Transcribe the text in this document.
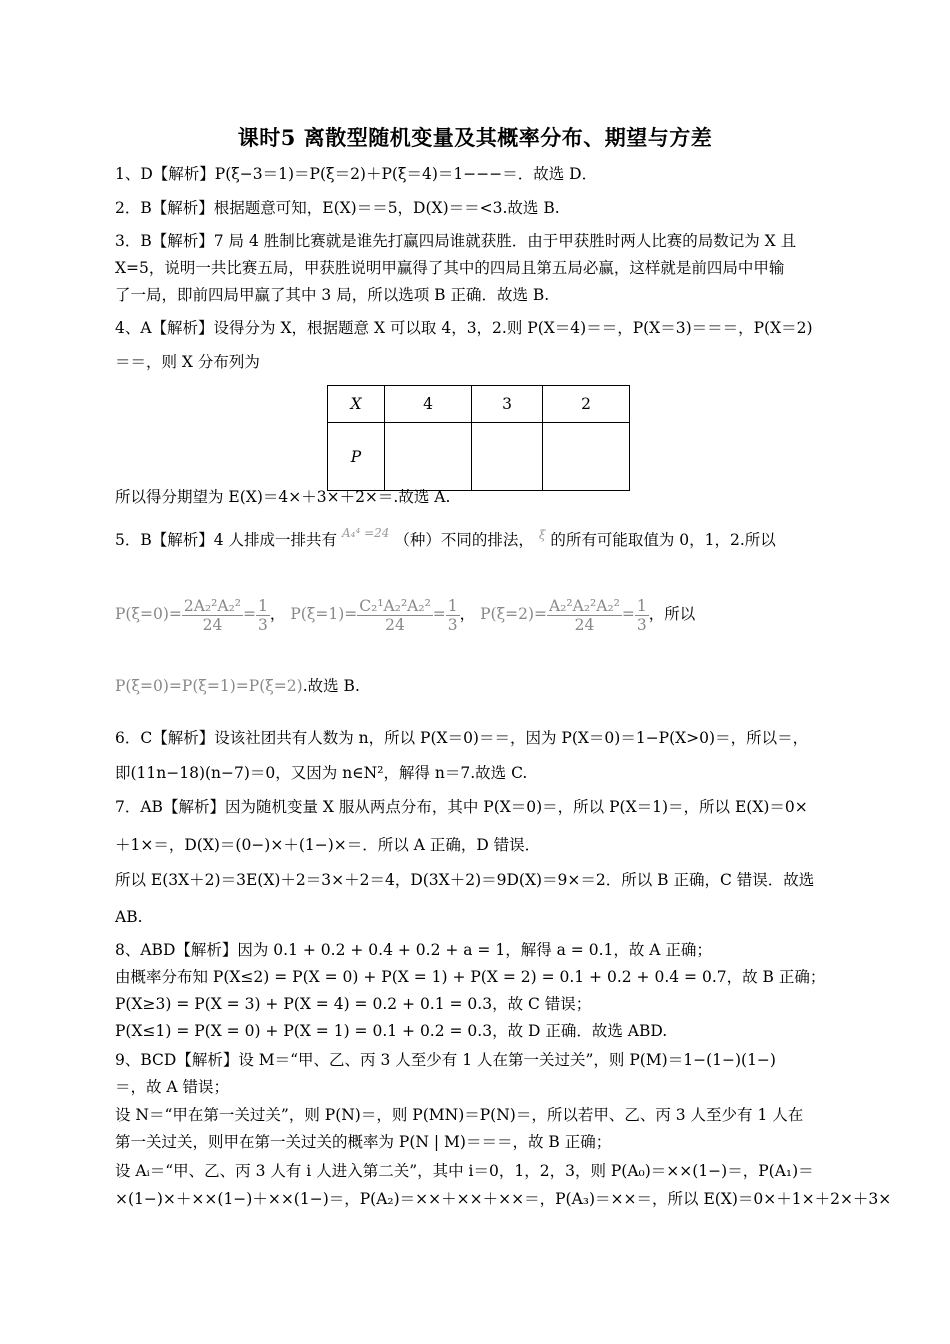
课时5 离散型随机变量及其概率分布、期望与方差
1、D【解析】P(ξ−3＝1)＝P(ξ＝2)＋P(ξ＝4)＝1−−−＝．故选 D．
2．B【解析】根据题意可知，E(X)＝＝5，D(X)＝＝<3.故选 B.
3．B【解析】7 局 4 胜制比赛就是谁先打赢四局谁就获胜．由于甲获胜时两人比赛的局数记为 X 且
X=5，说明一共比赛五局，甲获胜说明甲赢得了其中的四局且第五局必赢，这样就是前四局中甲输
了一局，即前四局甲赢了其中 3 局，所以选项 B 正确．故选 B.
4、A【解析】设得分为 X，根据题意 X 可以取 4，3，2.则 P(X＝4)＝＝，P(X＝3)＝＝＝，P(X＝2)
＝＝，则 X 分布列为
X	4	3	2
P			
所以得分期望为 E(X)＝4×＋3×＋2×＝.故选 A.
5．B【解析】4 人排成一排共有 $^{A_4^4 =24}$ （种）不同的排法， $^\xi$ 的所有可能取值为 0，1，2.所以
$P(\xi=0)= \frac{\text{2A₂²A₂²}}{24} = \frac{1}{3}$ ， $P(\xi=1)= \frac{\text{C₂¹A₂²A₂²}}{24} = \frac{1}{3}$ ， $P(\xi=2)= \frac{\text{A₂²A₂²A₂²}}{24} = \frac{1}{3}$ ，所以
P(ξ=0)=P(ξ=1)=P(ξ=2).故选 B.
6．C【解析】设该社团共有人数为 n，所以 P(X＝0)＝＝，因为 P(X＝0)＝1−P(X>0)＝，所以＝，
即(11n−18)(n−7)＝0，又因为 n∈N²，解得 n＝7.故选 C.
7．AB【解析】因为随机变量 X 服从两点分布，其中 P(X＝0)＝，所以 P(X＝1)＝，所以 E(X)＝0×
＋1×＝，D(X)＝(0−)×＋(1−)×＝．所以 A 正确，D 错误．
所以 E(3X＋2)＝3E(X)＋2＝3×＋2＝4，D(3X＋2)＝9D(X)＝9×＝2．所以 B 正确，C 错误．故选
AB.
8、ABD【解析】因为 0.1 + 0.2 + 0.4 + 0.2 + a = 1，解得 a = 0.1，故 A 正确；
由概率分布知 P(X≤2) = P(X = 0) + P(X = 1) + P(X = 2) = 0.1 + 0.2 + 0.4 = 0.7，故 B 正确；
P(X≥3) = P(X = 3) + P(X = 4) = 0.2 + 0.1 = 0.3，故 C 错误；
P(X≤1) = P(X = 0) + P(X = 1) = 0.1 + 0.2 = 0.3，故 D 正确．故选 ABD.
9、BCD【解析】设 M＝“甲、乙、丙 3 人至少有 1 人在第一关过关”，则 P(M)＝1−(1−)(1−)
＝，故 A 错误；
设 N＝“甲在第一关过关”，则 P(N)＝，则 P(MN)＝P(N)＝，所以若甲、乙、丙 3 人至少有 1 人在
第一关过关，则甲在第一关过关的概率为 P(N | M)＝＝＝，故 B 正确；
设 Aᵢ＝“甲、乙、丙 3 人有 i 人进入第二关”，其中 i＝0，1，2，3，则 P(A₀)＝××(1−)＝，P(A₁)＝
×(1−)×＋××(1−)＋××(1−)＝，P(A₂)＝××＋××＋××＝，P(A₃)＝××＝，所以 E(X)＝0×＋1×＋2×＋3×
